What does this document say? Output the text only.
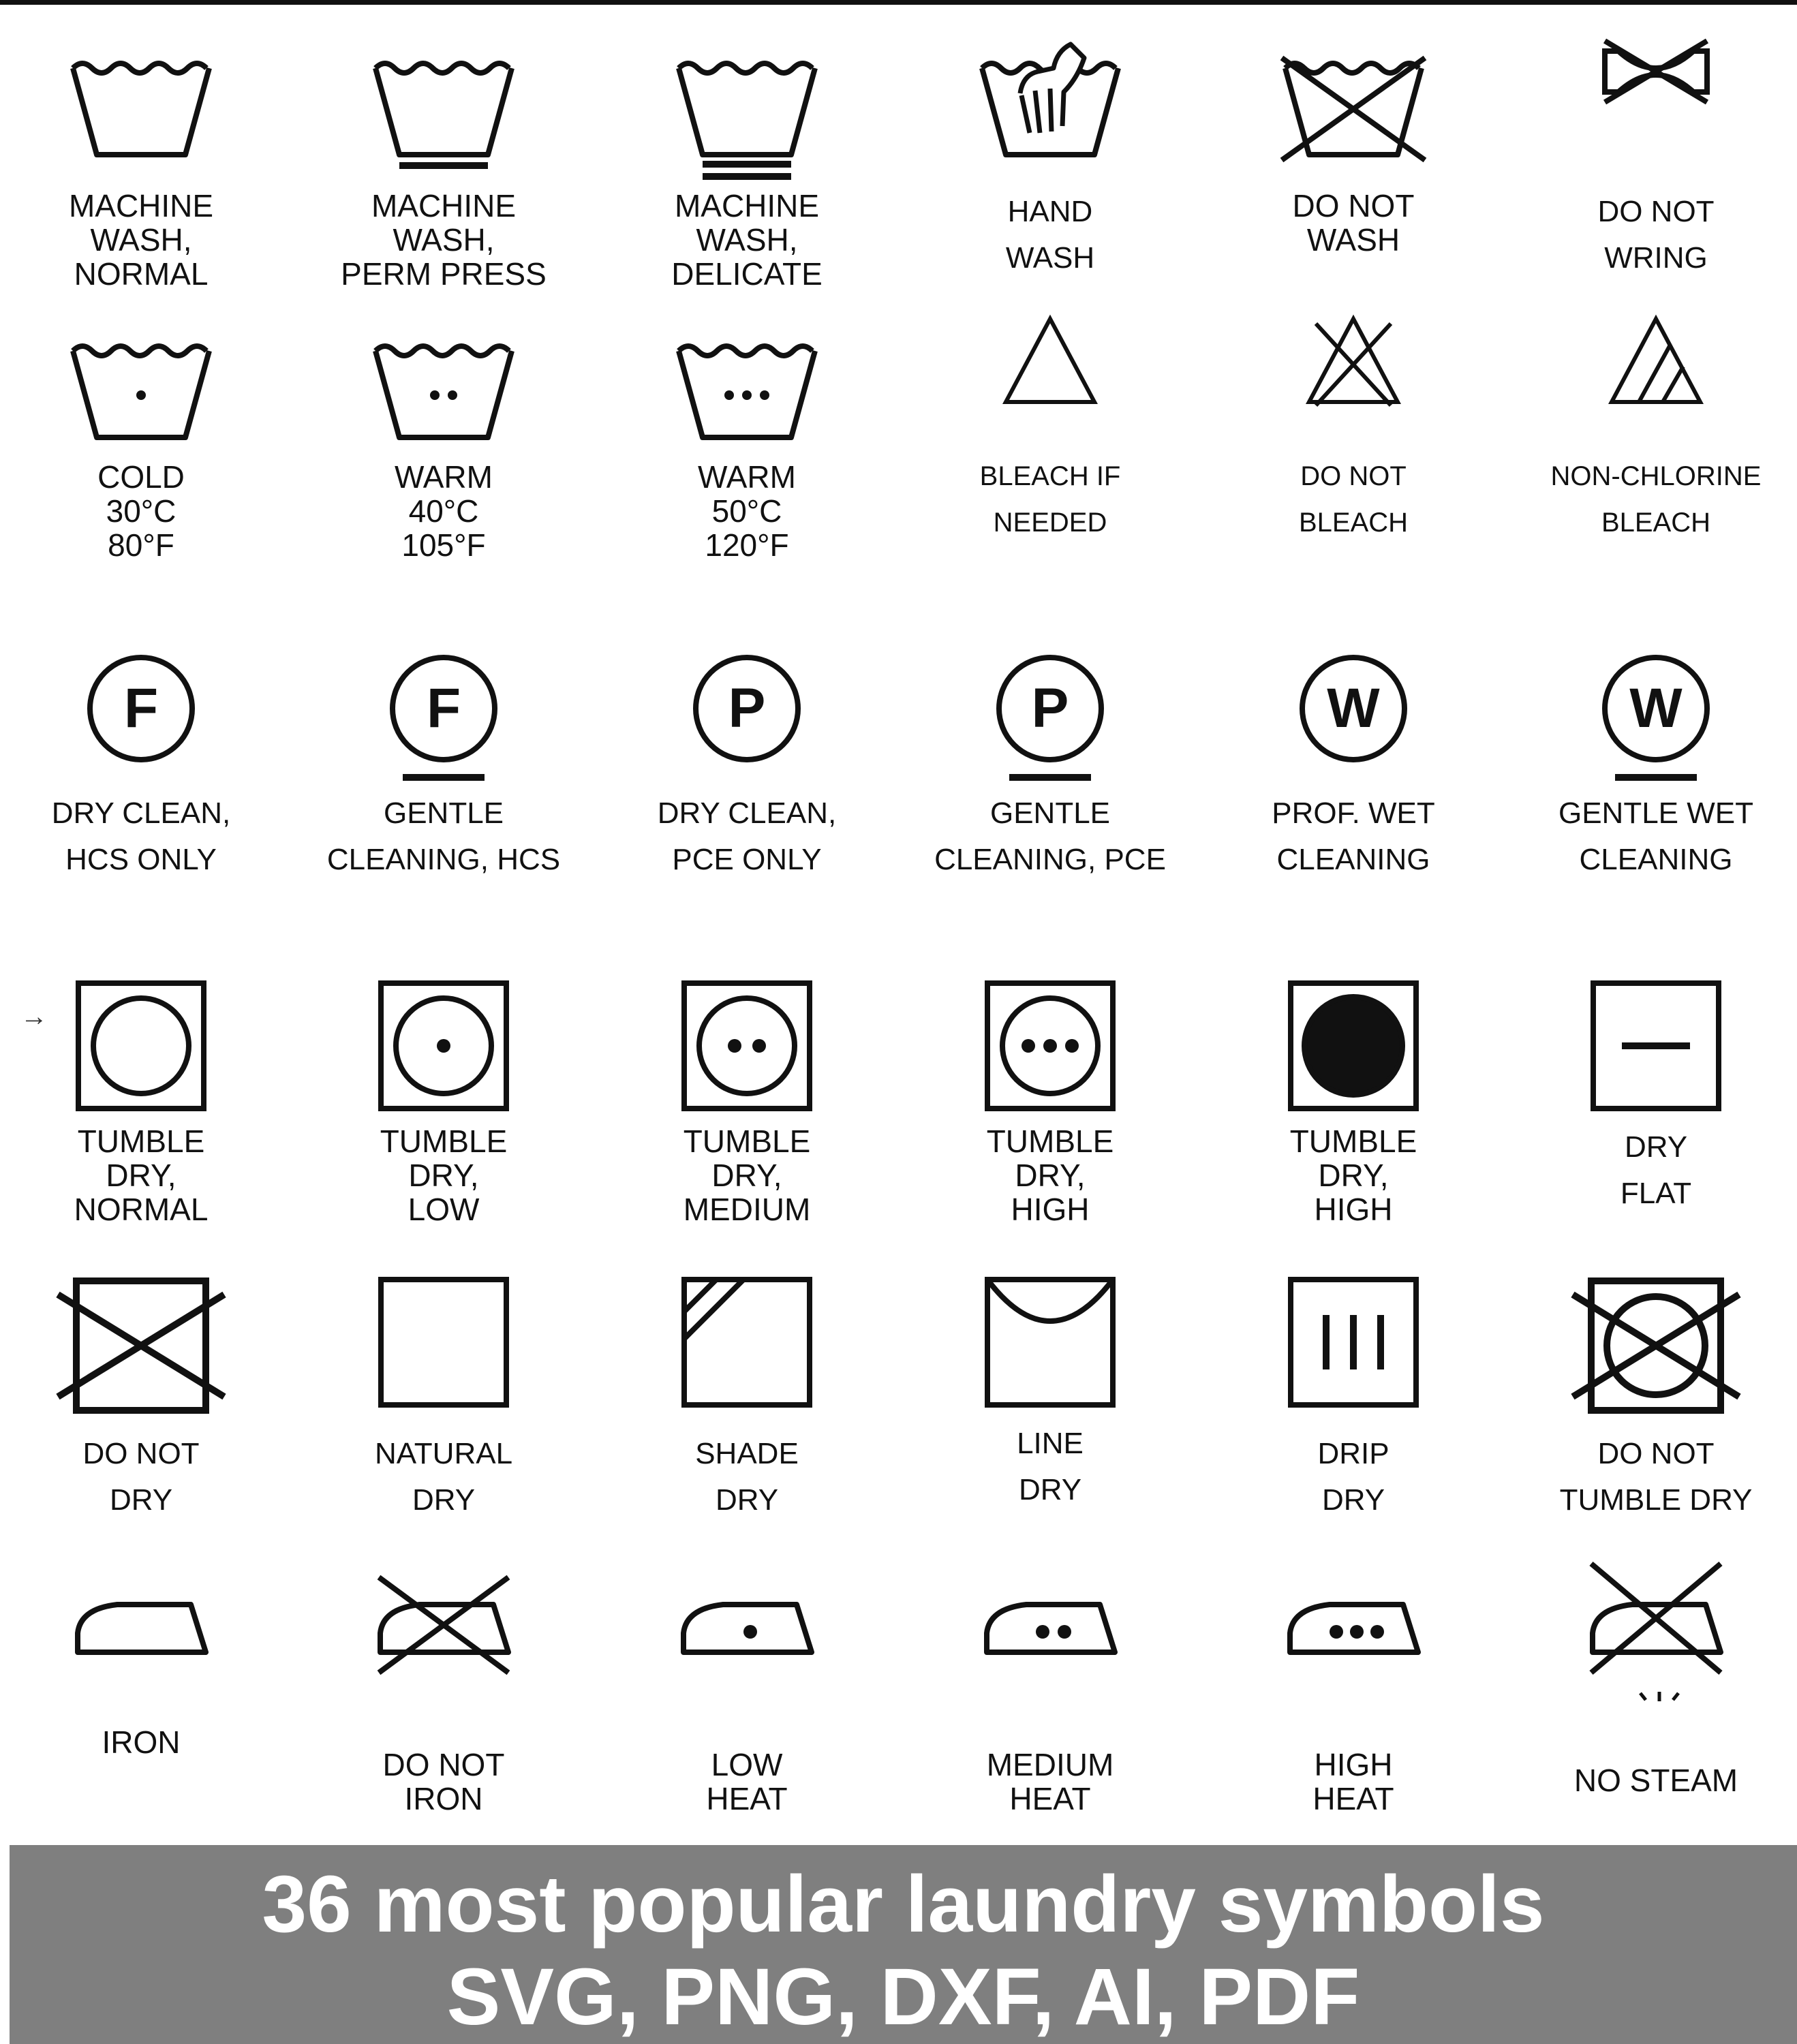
MACHINE
WASH,
NORMAL
MACHINE
WASH,
PERM PRESS
MACHINE
WASH,
DELICATE
HAND
WASH
DO NOT
WASH
DO NOT
WRING
COLD
30°C
80°F
WARM
40°C
105°F
WARM
50°C
120°F
BLEACH IF
NEEDED
DO NOT
BLEACH
NON-CHLORINE
BLEACH
F
DRY CLEAN,
HCS ONLY
F
GENTLE
CLEANING, HCS
P
DRY CLEAN,
PCE ONLY
P
GENTLE
CLEANING, PCE
W
PROF. WET
CLEANING
W
GENTLE WET
CLEANING
TUMBLE
DRY,
NORMAL
TUMBLE
DRY,
LOW
TUMBLE
DRY,
MEDIUM
TUMBLE
DRY,
HIGH
TUMBLE
DRY,
HIGH
DRY
FLAT
DO NOT
DRY
NATURAL
DRY
SHADE
DRY
LINE
DRY
DRIP
DRY
DO NOT
TUMBLE DRY
IRON
DO NOT
IRON
LOW
HEAT
MEDIUM
HEAT
HIGH
HEAT
NO STEAM
→
36 most popular laundry symbols
SVG, PNG, DXF, AI, PDF
